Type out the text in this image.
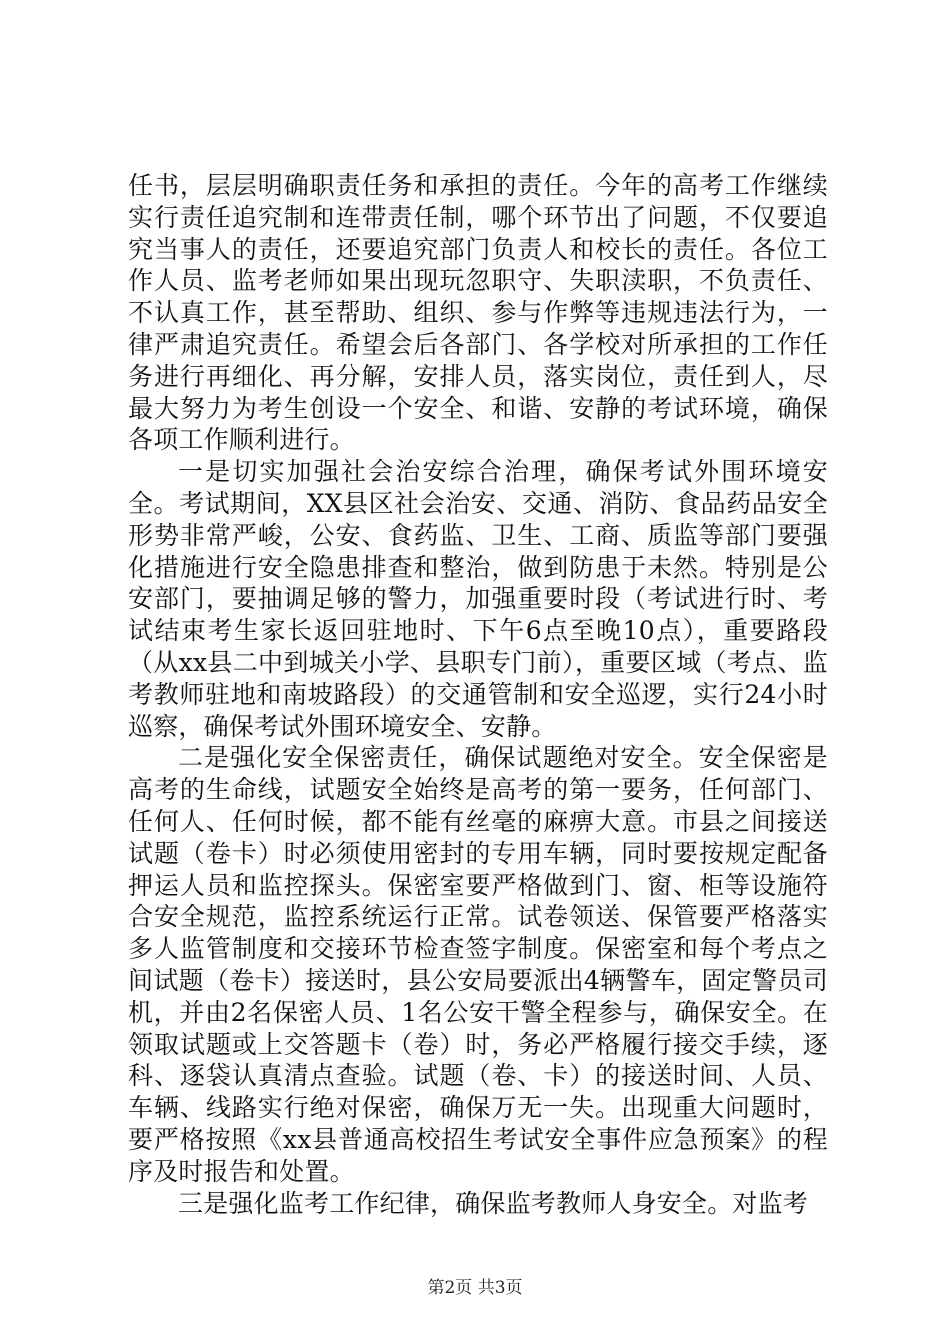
任书，层层明确职责任务和承担的责任。今年的高考工作继续实行责任追究制和连带责任制，哪个环节出了问题，不仅要追究当事人的责任，还要追究部门负责人和校长的责任。各位工作人员、监考老师如果出现玩忽职守、失职渎职，不负责任、不认真工作，甚至帮助、组织、参与作弊等违规违法行为，一律严肃追究责任。希望会后各部门、各学校对所承担的工作任务进行再细化、再分解，安排人员，落实岗位，责任到人，尽最大努力为考生创设一个安全、和谐、安静的考试环境，确保各项工作顺利进行。

一是切实加强社会治安综合治理，确保考试外围环境安全。考试期间，XX县区社会治安、交通、消防、食品药品安全形势非常严峻，公安、食药监、卫生、工商、质监等部门要强化措施进行安全隐患排查和整治，做到防患于未然。特别是公安部门，要抽调足够的警力，加强重要时段（考试进行时、考试结束考生家长返回驻地时、下午6点至晚10点），重要路段（从xx县二中到城关小学、县职专门前），重要区域（考点、监考教师驻地和南坡路段）的交通管制和安全巡逻，实行24小时巡察，确保考试外围环境安全、安静。

二是强化安全保密责任，确保试题绝对安全。安全保密是高考的生命线，试题安全始终是高考的第一要务，任何部门、任何人、任何时候，都不能有丝毫的麻痹大意。市县之间接送试题（卷卡）时必须使用密封的专用车辆，同时要按规定配备押运人员和监控探头。保密室要严格做到门、窗、柜等设施符合安全规范，监控系统运行正常。试卷领送、保管要严格落实多人监管制度和交接环节检查签字制度。保密室和每个考点之间试题（卷卡）接送时，县公安局要派出4辆警车，固定警员司机，并由2名保密人员、1名公安干警全程参与，确保安全。在领取试题或上交答题卡（卷）时，务必严格履行接交手续，逐科、逐袋认真清点查验。试题（卷、卡）的接送时间、人员、车辆、线路实行绝对保密，确保万无一失。出现重大问题时，要严格按照《xx县普通高校招生考试安全事件应急预案》的程序及时报告和处置。

三是强化监考工作纪律，确保监考教师人身安全。对监考

第2页 共3页
